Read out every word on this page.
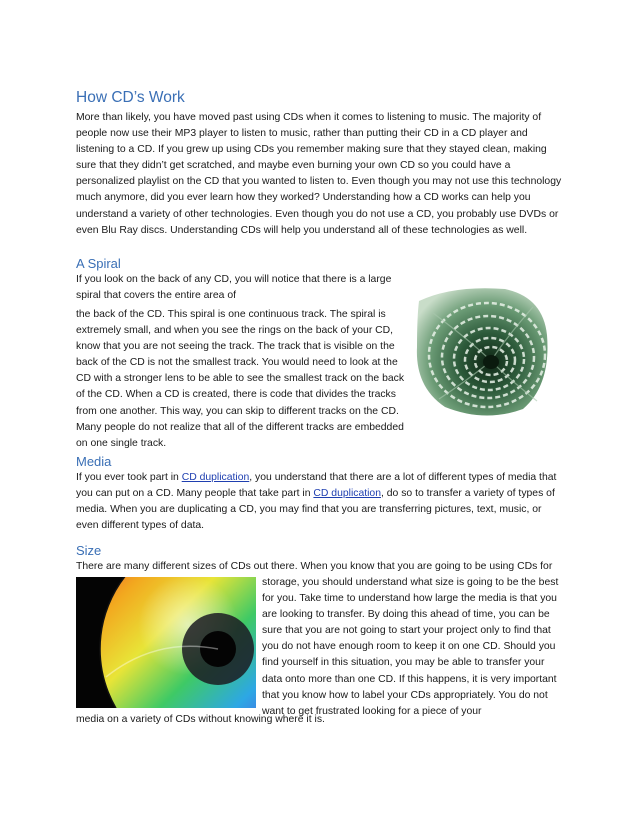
How CD’s Work

More than likely, you have moved past using CDs when it comes to listening to music. The majority of people now use their MP3 player to listen to music, rather than putting their CD in a CD player and listening to a CD. If you grew up using CDs you remember making sure that they stayed clean, making sure that they didn’t get scratched, and maybe even burning your own CD so you could have a personalized playlist on the CD that you wanted to listen to. Even though you may not use this technology much anymore, did you ever learn how they worked? Understanding how a CD works can help you understand a variety of other technologies. Even though you do not use a CD, you probably use DVDs or even Blu Ray discs. Understanding CDs will help you understand all of these technologies as well.

A Spiral

If you look on the back of any CD, you will notice that there is a large spiral that covers the entire area of

the back of the CD. This spiral is one continuous track. The spiral is extremely small, and when you see the rings on the back of your CD, know that you are not seeing the track. The track that is visible on the back of the CD is not the smallest track. You would need to look at the CD with a stronger lens to be able to see the smallest track on the back of the CD. When a CD is created, there is code that divides the tracks from one another. This way, you can skip to different tracks on the CD. Many people do not realize that all of the different tracks are embedded on one single track.

Media

If you ever took part in CD duplication, you understand that there are a lot of different types of media that you can put on a CD. Many people that take part in CD duplication, do so to transfer a variety of types of media. When you are duplicating a CD, you may find that you are transferring pictures, text, music, or even different types of data.

Size

There are many different sizes of CDs out there. When you know that you are going to be using CDs for

storage, you should understand what size is going to be the best for you. Take time to understand how large the media is that you are looking to transfer. By doing this ahead of time, you can be sure that you are not going to start your project only to find that you do not have enough room to keep it on one CD. Should you find yourself in this situation, you may be able to transfer your data onto more than one CD. If this happens, it is very important that you know how to label your CDs appropriately. You do not want to get frustrated looking for a piece of your

media on a variety of CDs without knowing where it is.
